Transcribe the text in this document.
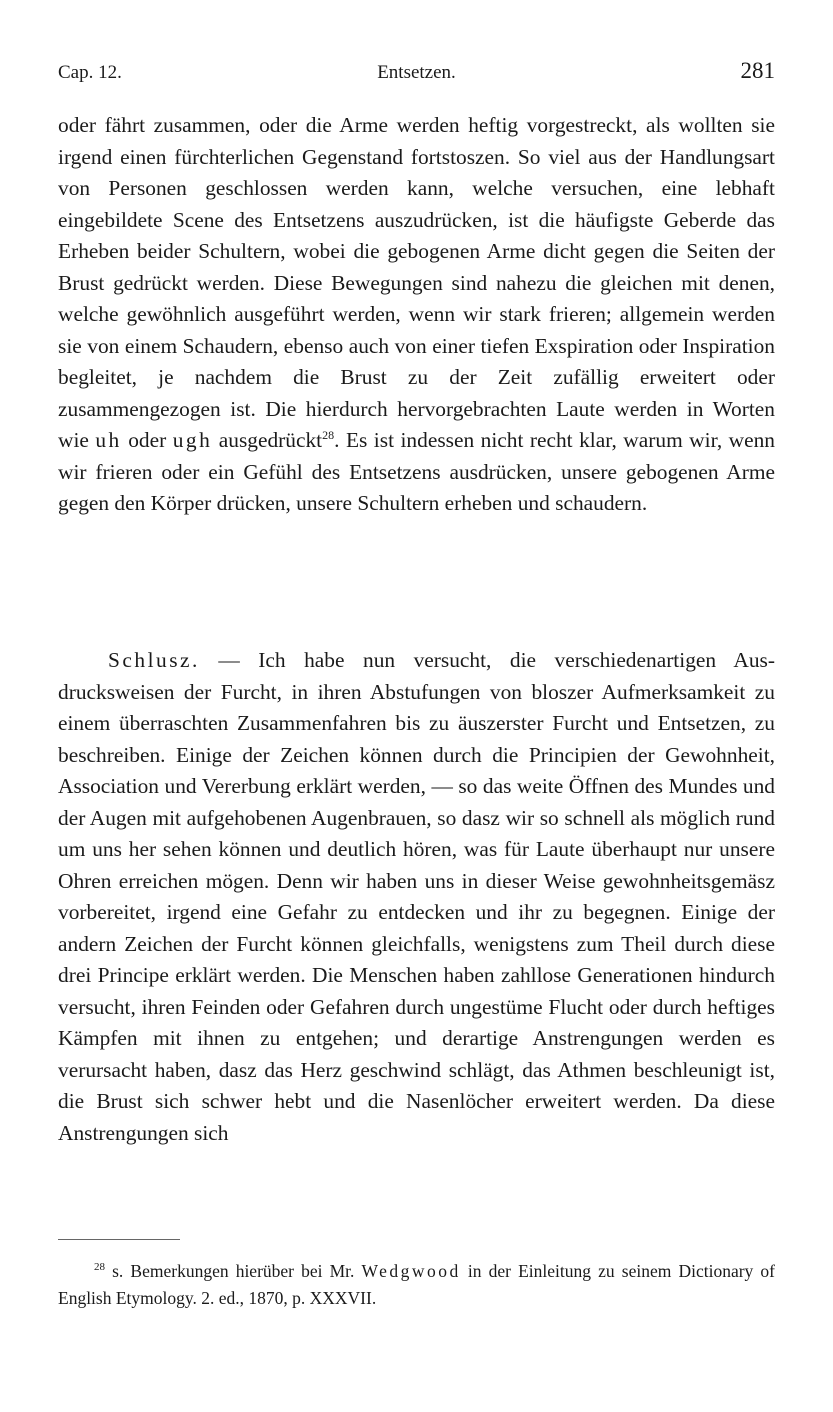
Cap. 12.	Entsetzen.	281
oder fährt zusammen, oder die Arme werden heftig vorgestreckt, als wollten sie irgend einen fürchterlichen Gegenstand fortstoszen. So viel aus der Handlungsart von Personen geschlossen werden kann, welche versuchen, eine lebhaft eingebildete Scene des Entsetzens auszudrücken, ist die häufigste Geberde das Erheben beider Schultern, wobei die gebogenen Arme dicht gegen die Seiten der Brust gedrückt werden. Diese Bewegungen sind nahezu die gleichen mit denen, welche gewöhnlich ausgeführt werden, wenn wir stark frieren; allgemein werden sie von einem Schaudern, ebenso auch von einer tiefen Exspiration oder Inspiration begleitet, je nachdem die Brust zu der Zeit zufällig erweitert oder zusammengezogen ist. Die hierdurch hervorgebrachten Laute werden in Worten wie uh oder ugh ausgedrückt$^{28}$. Es ist indessen nicht recht klar, warum wir, wenn wir frieren oder ein Gefühl des Entsetzens ausdrücken, unsere gebogenen Arme gegen den Körper drücken, unsere Schultern erheben und schaudern.
Schlusz. — Ich habe nun versucht, die verschiedenartigen Ausdrucksweisen der Furcht, in ihren Abstufungen von bloszer Aufmerksamkeit zu einem überraschten Zusammenfahren bis zu äuszerster Furcht und Entsetzen, zu beschreiben. Einige der Zeichen können durch die Principien der Gewohnheit, Association und Vererbung erklärt werden, — so das weite Öffnen des Mundes und der Augen mit aufgehobenen Augenbrauen, so dasz wir so schnell als möglich rund um uns her sehen können und deutlich hören, was für Laute überhaupt nur unsere Ohren erreichen mögen. Denn wir haben uns in dieser Weise gewohnheitsgemäsz vorbereitet, irgend eine Gefahr zu entdecken und ihr zu begegnen. Einige der andern Zeichen der Furcht können gleichfalls, wenigstens zum Theil durch diese drei Principe erklärt werden. Die Menschen haben zahllose Generationen hindurch versucht, ihren Feinden oder Gefahren durch ungestüme Flucht oder durch heftiges Kämpfen mit ihnen zu entgehen; und derartige Anstrengungen werden es verursacht haben, dasz das Herz geschwind schlägt, das Athmen beschleunigt ist, die Brust sich schwer hebt und die Nasenlöcher erweitert werden. Da diese Anstrengungen sich
$^{28}$ s. Bemerkungen hierüber bei Mr. Wedgwood in der Einleitung zu seinem Dictionary of English Etymology. 2. ed., 1870, p. XXXVII.
